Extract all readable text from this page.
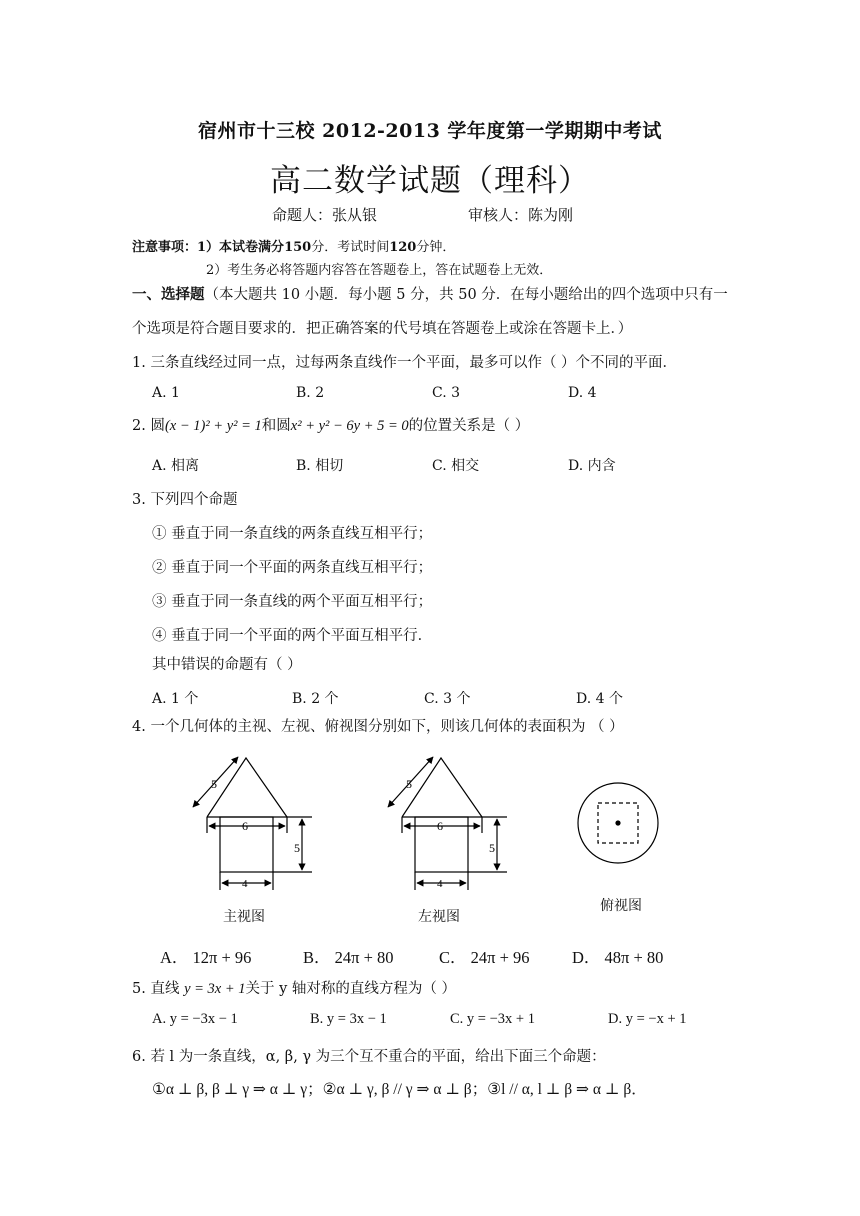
宿州市十三校 2012-2013 学年度第一学期期中考试
高二数学试题（理科）
命题人：张从银	审核人：陈为刚
注意事项：1）本试卷满分150分．考试时间120分钟．
2）考生务必将答题内容答在答题卷上，答在试题卷上无效．
一、选择题（本大题共 10 小题．每小题 5 分，共 50 分．在每小题给出的四个选项中只有一
个选项是符合题目要求的．把正确答案的代号填在答题卷上或涂在答题卡上．）
1. 三条直线经过同一点，过每两条直线作一个平面，最多可以作（ ）个不同的平面．
A. 1	B. 2	C. 3	D. 4
2. 圆(x − 1)² + y² = 1和圆x² + y² − 6y + 5 = 0的位置关系是（ ）
A. 相离	B. 相切	C. 相交	D. 内含
3. 下列四个命题
① 垂直于同一条直线的两条直线互相平行；
② 垂直于同一个平面的两条直线互相平行；
③ 垂直于同一条直线的两个平面互相平行；
④ 垂直于同一个平面的两个平面互相平行．
其中错误的命题有（ ）
A. 1 个	B. 2 个	C. 3 个	D. 4 个
4. 一个几何体的主视、左视、俯视图分别如下，则该几何体的表面积为 （ ）
5
6
5
4
5
6
5
4
主视图	左视图
俯视图
A． 12π + 96	B． 24π + 80	C． 24π + 96	D． 48π + 80
5. 直线 y = 3x + 1关于 y 轴对称的直线方程为（ ）
A. y = −3x − 1	B. y = 3x − 1	C. y = −3x + 1	D. y = −x + 1
6. 若 l 为一条直线，α, β, γ 为三个互不重合的平面，给出下面三个命题：
①α ⊥ β, β ⊥ γ ⇒ α ⊥ γ；②α ⊥ γ, β // γ ⇒ α ⊥ β；③l // α, l ⊥ β ⇒ α ⊥ β．
